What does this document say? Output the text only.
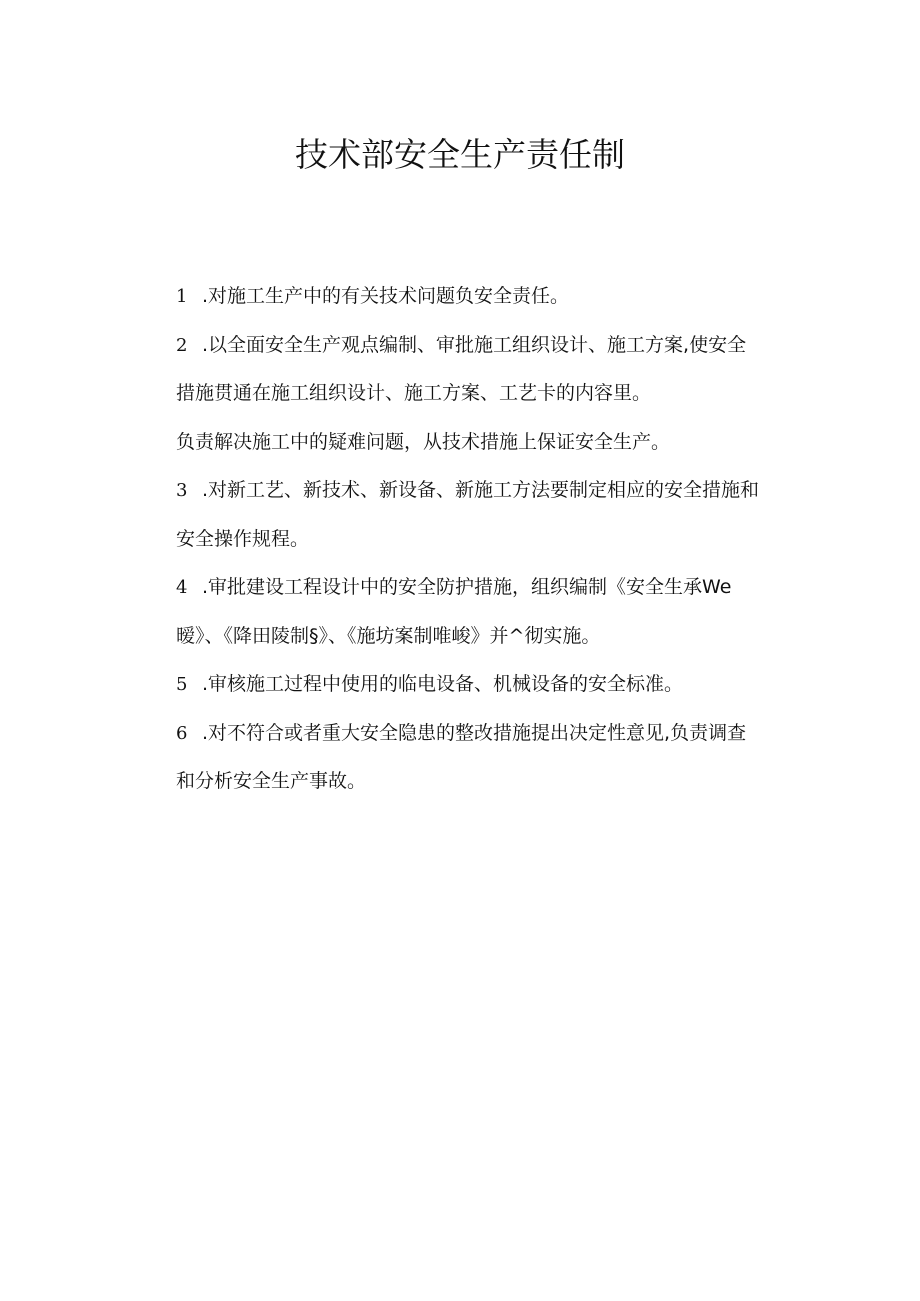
技术部安全生产责任制
1 .对施工生产中的有关技术问题负安全责任。
2 .以全面安全生产观点编制、审批施工组织设计、施工方案,使安全
措施贯通在施工组织设计、施工方案、工艺卡的内容里。
负责解决施工中的疑难问题，从技术措施上保证安全生产。
3 .对新工艺、新技术、新设备、新施工方法要制定相应的安全措施和
安全操作规程。
4 .审批建设工程设计中的安全防护措施，组织编制《安全生承We
暧》、《降田陵制§》、《施坊案制唯峻》并^彻实施。
5 .审核施工过程中使用的临电设备、机械设备的安全标准。
6 .对不符合或者重大安全隐患的整改措施提出决定性意见,负责调查
和分析安全生产事故。
